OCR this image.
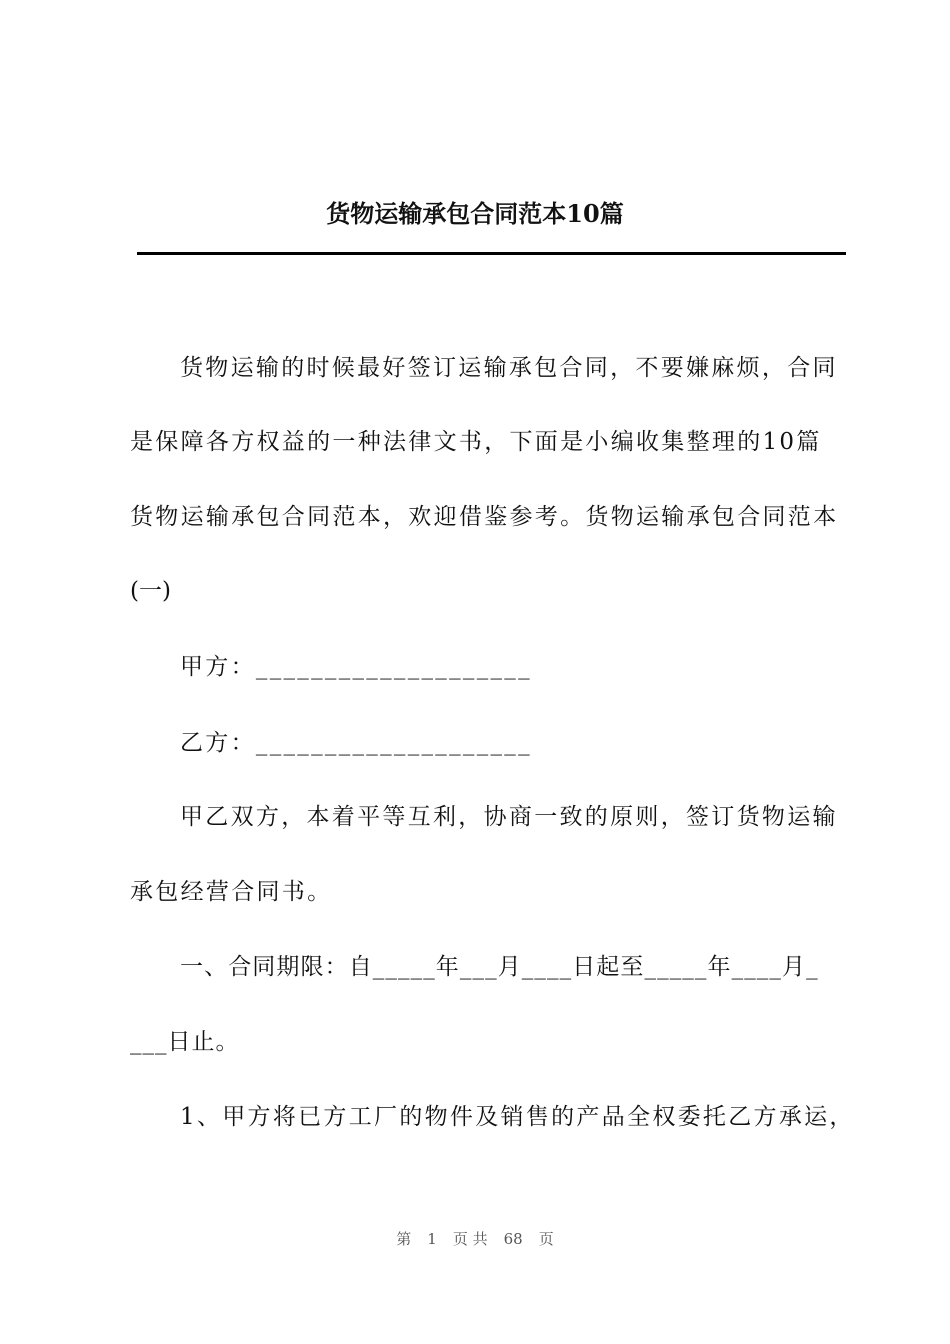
货物运输承包合同范本10篇
货物运输的时候最好签订运输承包合同，不要嫌麻烦，合同
是保障各方权益的一种法律文书，下面是小编收集整理的10篇
货物运输承包合同范本，欢迎借鉴参考。货物运输承包合同范本
(一)
甲方：____________________
乙方：____________________
甲乙双方，本着平等互利，协商一致的原则，签订货物运输
承包经营合同书。
一、合同期限：自_____年___月____日起至_____年____月_
___日止。
1、甲方将已方工厂的物件及销售的产品全权委托乙方承运，
第 1 页 共 68 页
